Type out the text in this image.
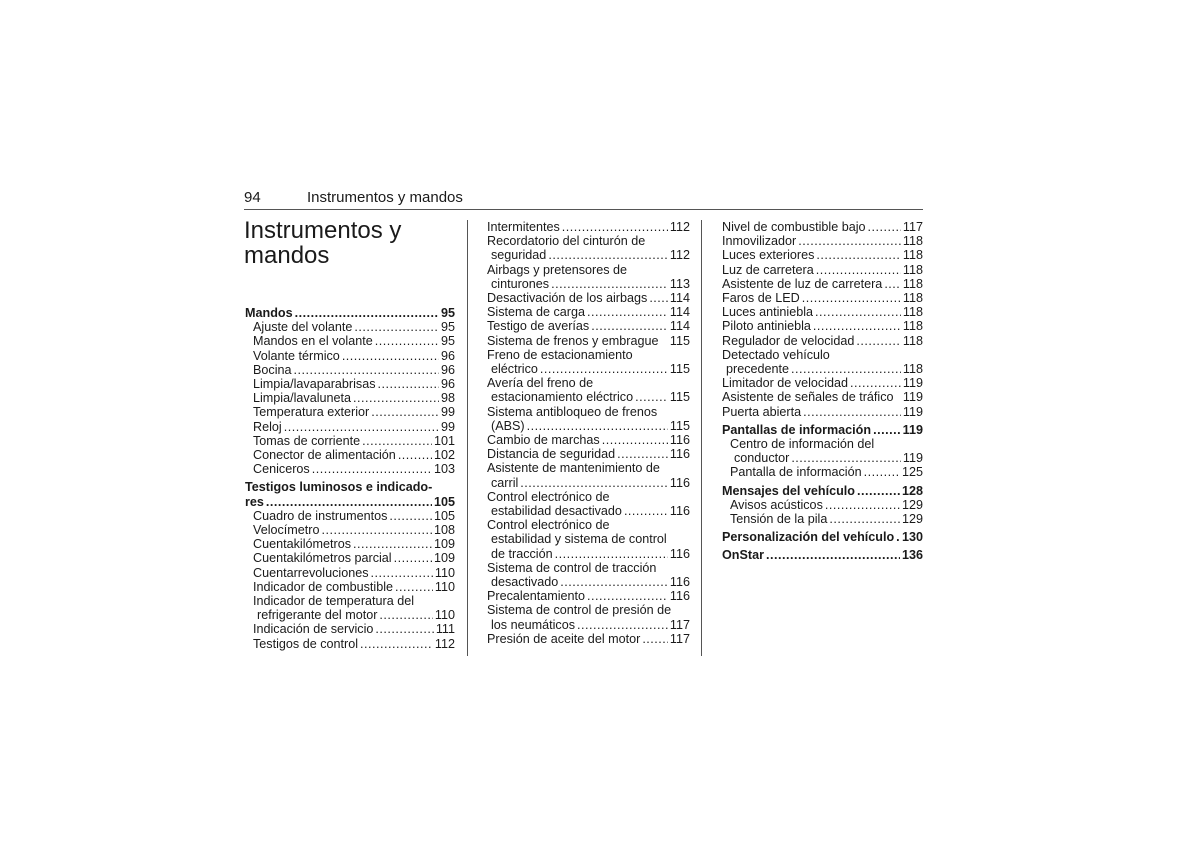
94	Instrumentos y mandos
Instrumentos y
mandos
Mandos .....	95
Ajuste del volante .....	95
Mandos en el volante .....	95
Volante térmico .....	96
Bocina .....	96
Limpia/lavaparabrisas .....	96
Limpia/lavaluneta .....	98
Temperatura exterior .....	99
Reloj .....	99
Tomas de corriente .....	101
Conector de alimentación .....	102
Ceniceros .....	103
Testigos luminosos e indicado-
res .....	105
Cuadro de instrumentos .....	105
Velocímetro .....	108
Cuentakilómetros .....	109
Cuentakilómetros parcial .....	109
Cuentarrevoluciones .....	110
Indicador de combustible .....	110
Indicador de temperatura del
refrigerante del motor .....	110
Indicación de servicio .....	111
Testigos de control .....	112
Intermitentes .....	112
Recordatorio del cinturón de
seguridad .....	112
Airbags y pretensores de
cinturones .....	113
Desactivación de los airbags ..... 114
Sistema de carga .....	114
Testigo de averías .....	114
Sistema de frenos y embrague 115
Freno de estacionamiento
eléctrico .....	115
Avería del freno de
estacionamiento eléctrico .....	115
Sistema antibloqueo de frenos
(ABS) .....	115
Cambio de marchas .....	116
Distancia de seguridad .....	116
Asistente de mantenimiento de
carril .....	116
Control electrónico de
estabilidad desactivado .....	116
Control electrónico de
estabilidad y sistema de control
de tracción .....	116
Sistema de control de tracción
desactivado .....	116
Precalentamiento .....	116
Sistema de control de presión de
los neumáticos .....	117
Presión de aceite del motor ..... 117
Nivel de combustible bajo .....	117
Inmovilizador .....	118
Luces exteriores .....	118
Luz de carretera .....	118
Asistente de luz de carretera ..... 118
Faros de LED .....	118
Luces antiniebla .....	118
Piloto antiniebla .....	118
Regulador de velocidad .....	118
Detectado vehículo
precedente .....	118
Limitador de velocidad .....	119
Asistente de señales de tráfico 119
Puerta abierta .....	119
Pantallas de información .....	119
Centro de información del
conductor .....	119
Pantalla de información .....	125
Mensajes del vehículo .....	128
Avisos acústicos .....	129
Tensión de la pila .....	129
Personalización del vehículo ..... 130
OnStar .....	136
